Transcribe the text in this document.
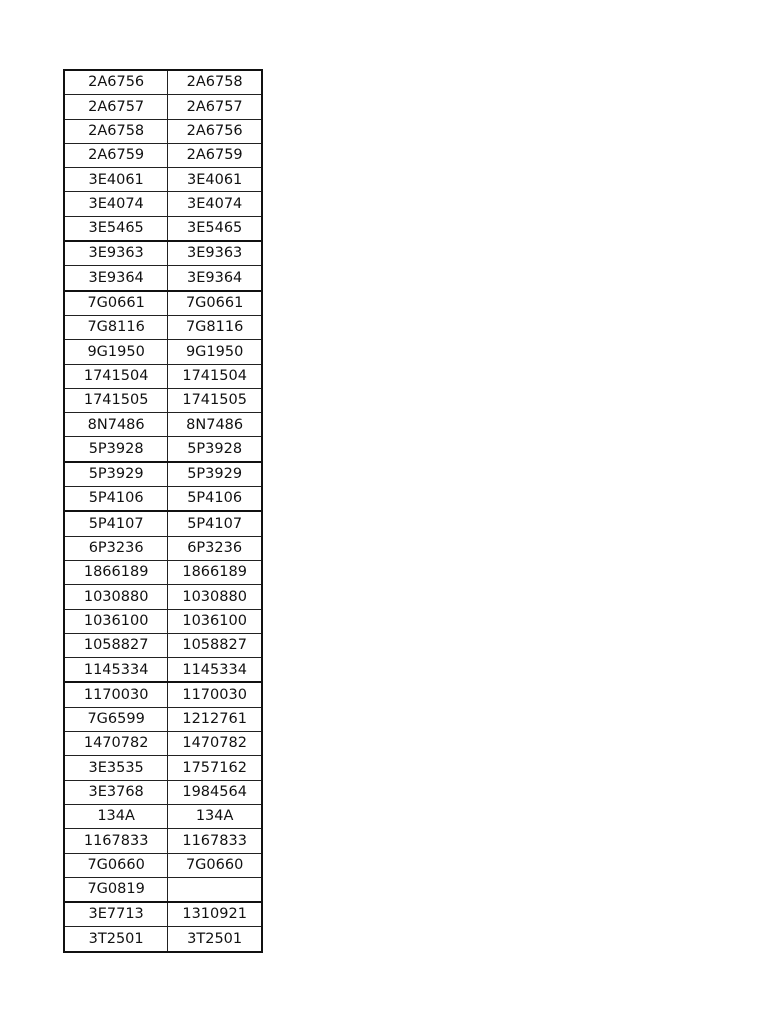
2A6756	2A6758
2A6757	2A6757
2A6758	2A6756
2A6759	2A6759
3E4061	3E4061
3E4074	3E4074
3E5465	3E5465
3E9363	3E9363
3E9364	3E9364
7G0661	7G0661
7G8116	7G8116
9G1950	9G1950
1741504	1741504
1741505	1741505
8N7486	8N7486
5P3928	5P3928
5P3929	5P3929
5P4106	5P4106
5P4107	5P4107
6P3236	6P3236
1866189	1866189
1030880	1030880
1036100	1036100
1058827	1058827
1145334	1145334
1170030	1170030
7G6599	1212761
1470782	1470782
3E3535	1757162
3E3768	1984564
134A	134A
1167833	1167833
7G0660	7G0660
7G0819	
3E7713	1310921
3T2501	3T2501
